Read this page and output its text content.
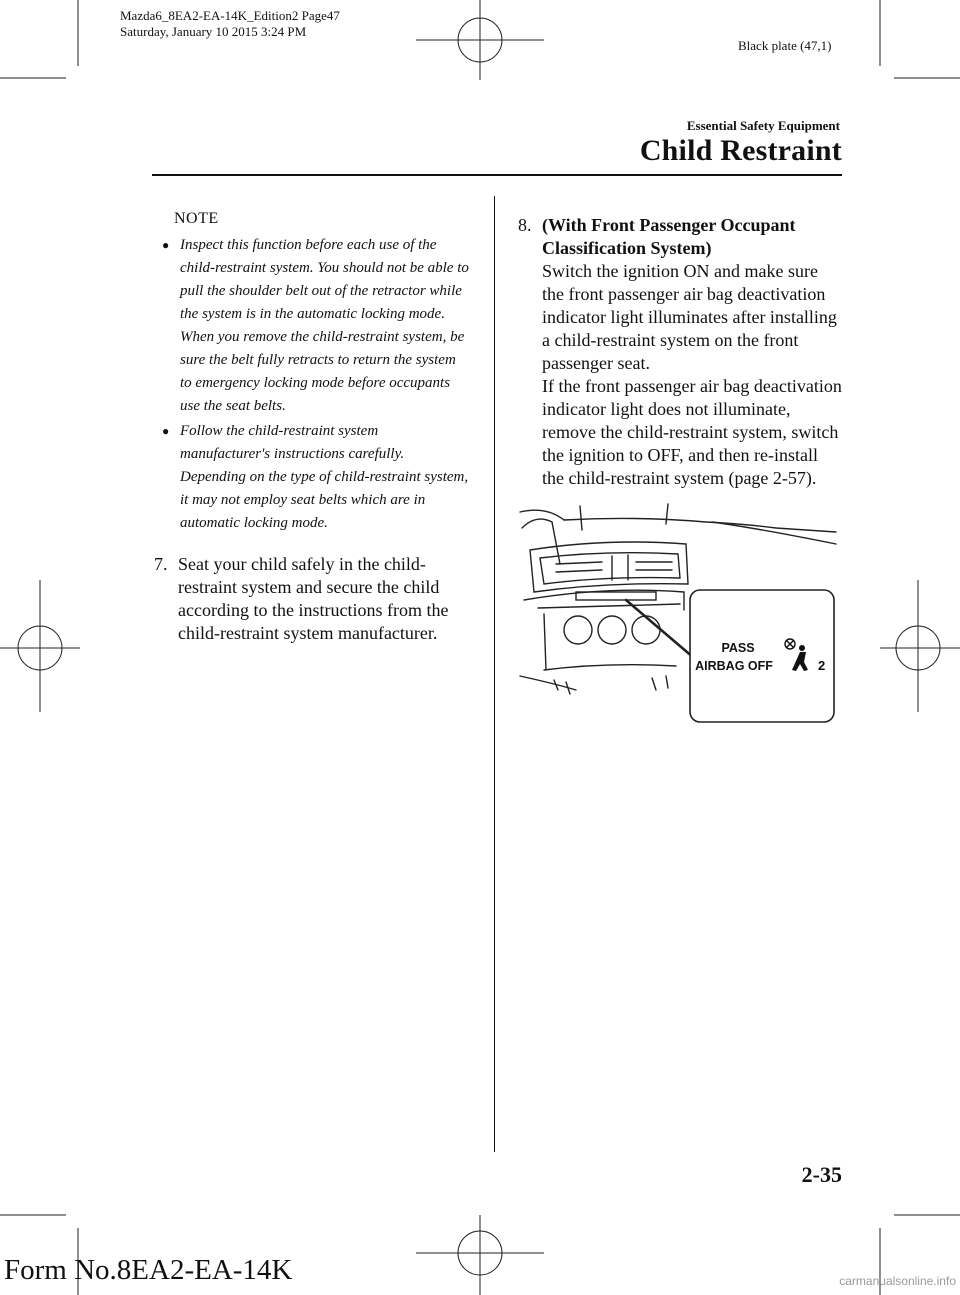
Mazda6_8EA2-EA-14K_Edition2 Page47
Saturday, January 10 2015 3:24 PM
Black plate (47,1)
Essential Safety Equipment
Child Restraint
NOTE
● Inspect this function before each use of the child-restraint system. You should not be able to pull the shoulder belt out of the retractor while the system is in the automatic locking mode. When you remove the child-restraint system, be sure the belt fully retracts to return the system to emergency locking mode before occupants use the seat belts.
● Follow the child-restraint system manufacturer's instructions carefully. Depending on the type of child-restraint system, it may not employ seat belts which are in automatic locking mode.
7. Seat your child safely in the child-restraint system and secure the child according to the instructions from the child-restraint system manufacturer.
8. (With Front Passenger Occupant Classification System)
Switch the ignition ON and make sure the front passenger air bag deactivation indicator light illuminates after installing a child-restraint system on the front passenger seat.
If the front passenger air bag deactivation indicator light does not illuminate, remove the child-restraint system, switch the ignition to OFF, and then re-install the child-restraint system (page 2-57).
PASS
AIRBAG OFF	2
2-35
Form No.8EA2-EA-14K	carmanualsonline.info
